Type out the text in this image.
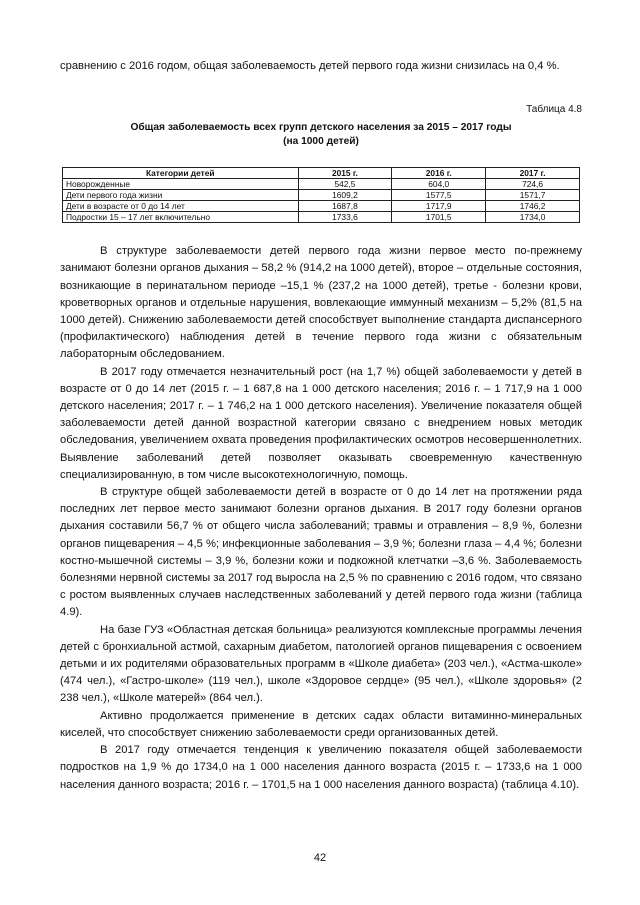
сравнению с 2016 годом, общая заболеваемость детей первого года жизни снизилась на 0,4 %.

Таблица 4.8

Общая заболеваемость всех групп детского населения за 2015 – 2017 годы

(на 1000 детей)

Категории детей	2015 г.	2016 г.	2017 г.
Новорожденные	542,5	604,0	724,6
Дети первого года жизни	1609,2	1577,5	1571,7
Дети в возрасте от 0 до 14 лет	1687,8	1717,9	1746,2
Подростки 15 – 17 лет включительно	1733,6	1701,5	1734,0

В структуре заболеваемости детей первого года жизни первое место по-прежнему занимают болезни органов дыхания – 58,2 % (914,2 на 1000 детей), второе – отдельные состояния, возникающие в перинатальном периоде –15,1 % (237,2 на 1000 детей), третье - болезни крови, кроветворных органов и отдельные нарушения, вовлекающие иммунный механизм – 5,2% (81,5 на 1000 детей). Снижению заболеваемости детей способствует выполнение стандарта диспансерного (профилактического) наблюдения детей в течение первого года жизни с обязательным лабораторным обследованием.

В 2017 году отмечается незначительный рост (на 1,7 %) общей заболеваемости у детей в возрасте от 0 до 14 лет (2015 г. – 1 687,8 на 1 000 детского населения; 2016 г. – 1 717,9 на 1 000 детского населения; 2017 г. – 1 746,2 на 1 000 детского населения). Увеличение показателя общей заболеваемости детей данной возрастной категории связано с внедрением новых методик обследования, увеличением охвата проведения профилактических осмотров несовершеннолетних. Выявление заболеваний детей позволяет оказывать своевременную качественную специализированную, в том числе высокотехнологичную, помощь.

В структуре общей заболеваемости детей в возрасте от 0 до 14 лет на протяжении ряда последних лет первое место занимают болезни органов дыхания. В 2017 году болезни органов дыхания составили 56,7 % от общего числа заболеваний; травмы и отравления – 8,9 %, болезни органов пищеварения – 4,5 %; инфекционные заболевания – 3,9 %; болезни глаза – 4,4 %; болезни костно-мышечной системы – 3,9 %, болезни кожи и подкожной клетчатки –3,6 %. Заболеваемость болезнями нервной системы за 2017 год выросла на 2,5 % по сравнению с 2016 годом, что связано с ростом выявленных случаев наследственных заболеваний у детей первого года жизни (таблица 4.9).

На базе ГУЗ «Областная детская больница» реализуются комплексные программы лечения детей с бронхиальной астмой, сахарным диабетом, патологией органов пищеварения с освоением детьми и их родителями образовательных программ в «Школе диабета» (203 чел.), «Астма-школе» (474 чел.), «Гастро-школе» (119 чел.), школе «Здоровое сердце» (95 чел.), «Школе здоровья» (2 238 чел.), «Школе матерей» (864 чел.).

Активно продолжается применение в детских садах области витаминно-минеральных киселей, что способствует снижению заболеваемости среди организованных детей.

В 2017 году отмечается тенденция к увеличению показателя общей заболеваемости подростков на 1,9 % до 1734,0 на 1 000 населения данного возраста (2015 г. – 1733,6 на 1 000 населения данного возраста; 2016 г. – 1701,5 на 1 000 населения данного возраста) (таблица 4.10).

42
